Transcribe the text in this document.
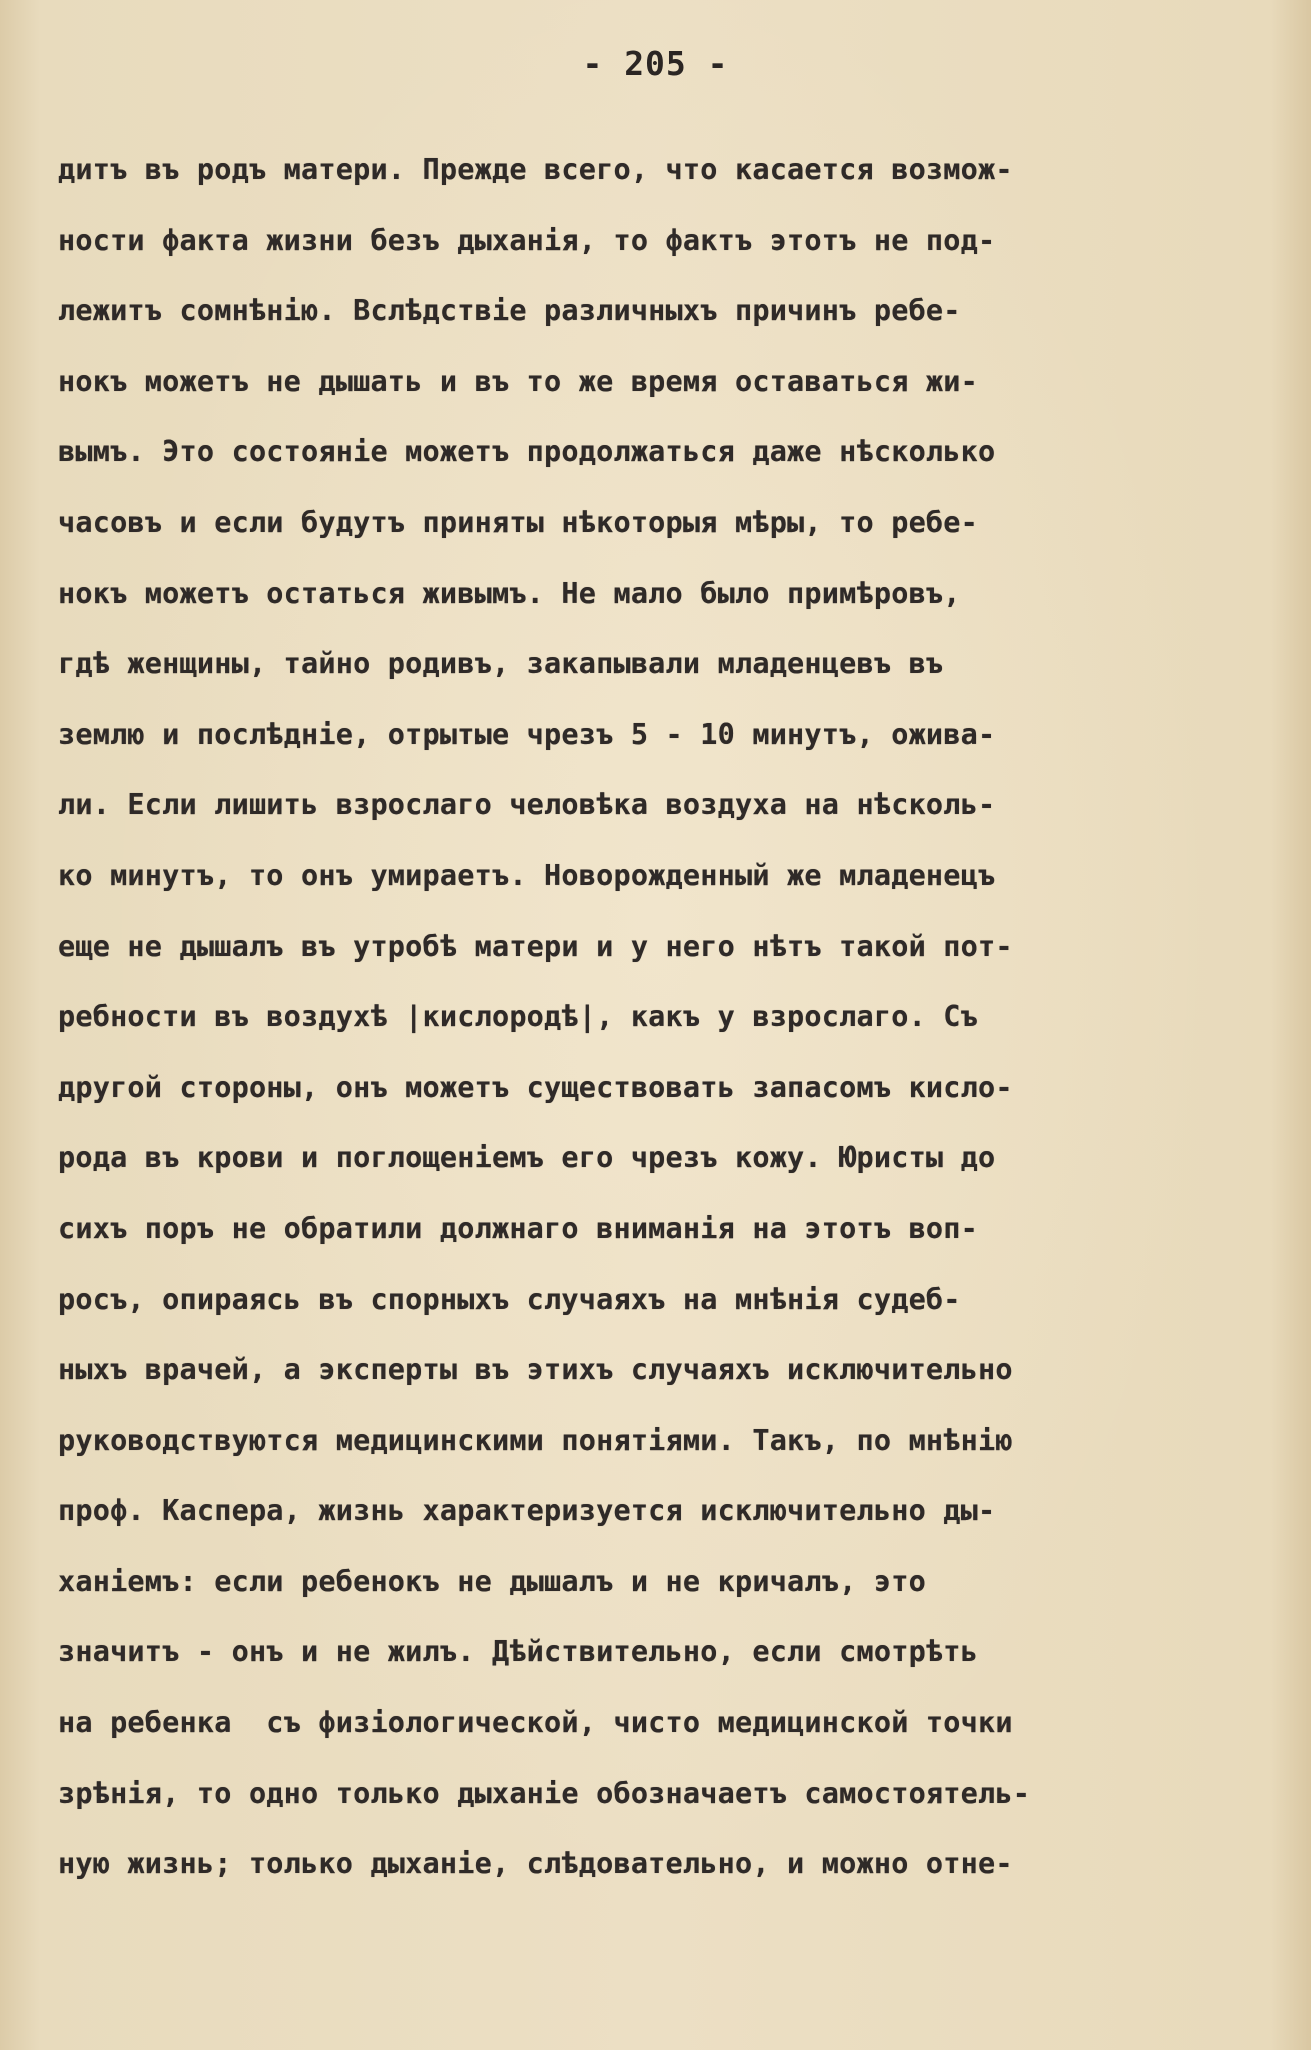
- 205 -
дитъ въ родъ матери. Прежде всего, что касается возмож-
ности факта жизни безъ дыханія, то фактъ этотъ не под-
лежитъ сомнѣнію. Вслѣдствіе различныхъ причинъ ребе-
нокъ можетъ не дышать и въ то же время оставаться жи-
вымъ. Это состояніе можетъ продолжаться даже нѣсколько
часовъ и если будутъ приняты нѣкоторыя мѣры, то ребе-
нокъ можетъ остаться живымъ. Не мало было примѣровъ,
гдѣ женщины, тайно родивъ, закапывали младенцевъ въ
землю и послѣдніе, отрытые чрезъ 5 - 10 минутъ, ожива-
ли. Если лишить взрослаго человѣка воздуха на нѣсколь-
ко минутъ, то онъ умираетъ. Новорожденный же младенецъ
еще не дышалъ въ утробѣ матери и у него нѣтъ такой пот-
ребности въ воздухѣ |кислородѣ|, какъ у взрослаго. Съ
другой стороны, онъ можетъ существовать запасомъ кисло-
рода въ крови и поглощеніемъ его чрезъ кожу. Юристы до
сихъ поръ не обратили должнаго вниманія на этотъ воп-
росъ, опираясь въ спорныхъ случаяхъ на мнѣнія судеб-
ныхъ врачей, а эксперты въ этихъ случаяхъ исключительно
руководствуются медицинскими понятіями. Такъ, по мнѣнію
проф. Каспера, жизнь характеризуется исключительно ды-
ханіемъ: если ребенокъ не дышалъ и не кричалъ, это
значитъ - онъ и не жилъ. Дѣйствительно, если смотрѣть
на ребенка  съ физіологической, чисто медицинской точки
зрѣнія, то одно только дыханіе обозначаетъ самостоятель-
ную жизнь; только дыханіе, слѣдовательно, и можно отне-
